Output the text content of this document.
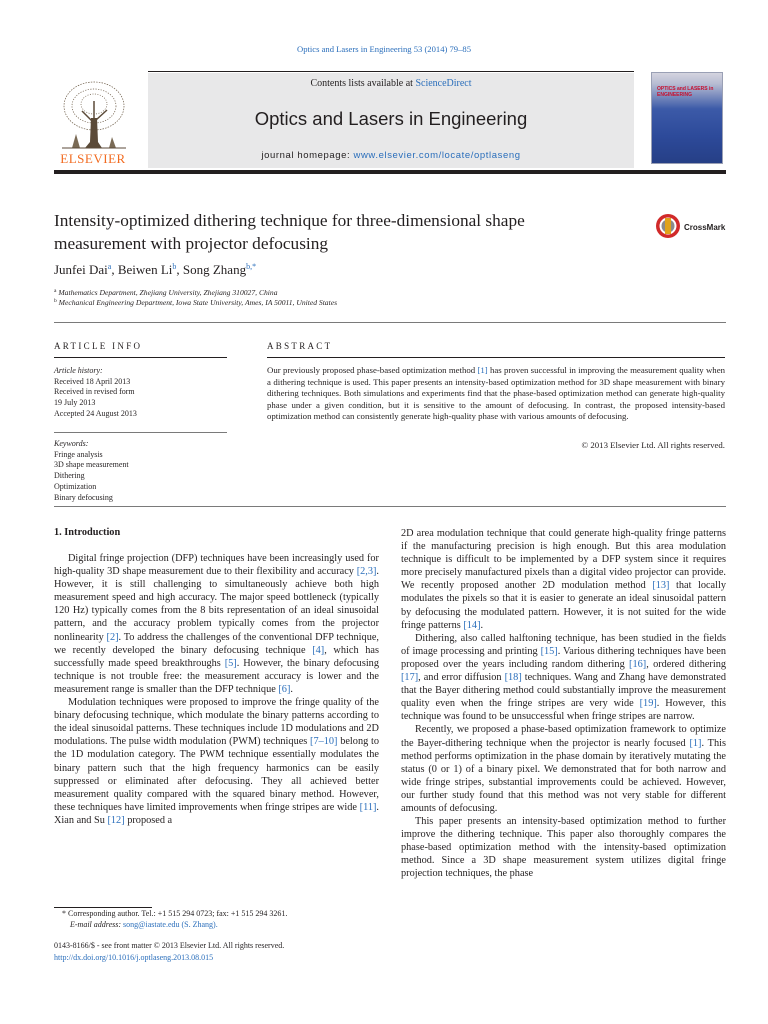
Optics and Lasers in Engineering 53 (2014) 79–85
Contents lists available at ScienceDirect
Optics and Lasers in Engineering
journal homepage: www.elsevier.com/locate/optlaseng
ELSEVIER
OPTICS and LASERS in ENGINEERING
Intensity-optimized dithering technique for three-dimensional shape
measurement with projector defocusing
CrossMark
Junfei Dai$^a$, Beiwen Li$^b$, Song Zhang$^{b,*}$
$^a$ Mathematics Department, Zhejiang University, Zhejiang 310027, China
$^b$ Mechanical Engineering Department, Iowa State University, Ames, IA 50011, United States
ARTICLE INFO
Article history:
Received 18 April 2013
Received in revised form
19 July 2013
Accepted 24 August 2013
Keywords:
Fringe analysis
3D shape measurement
Dithering
Optimization
Binary defocusing
ABSTRACT
Our previously proposed phase-based optimization method [1] has proven successful in improving the measurement quality when a dithering technique is used. This paper presents an intensity-based optimization method for 3D shape measurement with binary dithering techniques. Both simulations and experiments find that the phase-based optimization method can generate high-quality phase under a given condition, but it is sensitive to the amount of defocusing. In contrast, the proposed intensity-based optimization method can consistently generate high-quality phase with various amounts of defocusing.
© 2013 Elsevier Ltd. All rights reserved.
1. Introduction

Digital fringe projection (DFP) techniques have been increasingly used for high-quality 3D shape measurement due to their flexibility and accuracy [2,3]. However, it is still challenging to simultaneously achieve both high measurement speed and high accuracy. The major speed bottleneck (typically 120 Hz) typically comes from the 8 bits representation of an ideal sinusoidal pattern, and the accuracy problem typically comes from the projector nonlinearity [2]. To address the challenges of the conventional DFP technique, we recently developed the binary defocusing technique [4], which has successfully made speed breakthroughs [5]. However, the binary defocusing technique is not trouble free: the measurement accuracy is lower and the measurement range is smaller than the DFP technique [6].

Modulation techniques were proposed to improve the fringe quality of the binary defocusing technique, which modulate the binary patterns according to the ideal sinusoidal patterns. These techniques include 1D modulations and 2D modulations. The pulse width modulation (PWM) techniques [7–10] belong to the 1D modulation category. The PWM technique essentially modulates the binary pattern such that the high frequency harmonics can be easily suppressed or eliminated after defocusing. They all achieved better measurement quality compared with the squared binary method. However, these techniques have limited improvements when fringe stripes are wide [11]. Xian and Su [12] proposed a

2D area modulation technique that could generate high-quality fringe patterns if the manufacturing precision is high enough. But this area modulation technique is difficult to be implemented by a DFP system since it requires more precisely manufactured pixels than a digital video projector can provide. We recently proposed another 2D modulation method [13] that locally modulates the pixels so that it is easier to generate an ideal sinusoidal pattern by defocusing the modulated pattern. However, it is not suited for the wide fringe patterns [14].

Dithering, also called halftoning technique, has been studied in the fields of image processing and printing [15]. Various dithering techniques have been proposed over the years including random dithering [16], ordered dithering [17], and error diffusion [18] techniques. Wang and Zhang have demonstrated that the Bayer dithering method could substantially improve the measurement quality even when the fringe stripes are very wide [19]. However, this technique was found to be unsuccessful when fringe stripes are narrow.

Recently, we proposed a phase-based optimization framework to optimize the Bayer-dithering technique when the projector is nearly focused [1]. This method performs optimization in the phase domain by iteratively mutating the status (0 or 1) of a binary pixel. We demonstrated that for both narrow and wide fringe stripes, substantial improvements could be achieved. However, our further study found that this method was not very stable for different amounts of defocusing.

This paper presents an intensity-based optimization method to further improve the dithering technique. This paper also thoroughly compares the phase-based optimization method with the intensity-based optimization method. Since a 3D shape measurement system utilizes digital fringe projection techniques, the phase

* Corresponding author. Tel.: +1 515 294 0723; fax: +1 515 294 3261.
E-mail address: song@iastate.edu (S. Zhang).
0143-8166/$ - see front matter © 2013 Elsevier Ltd. All rights reserved.
http://dx.doi.org/10.1016/j.optlaseng.2013.08.015
